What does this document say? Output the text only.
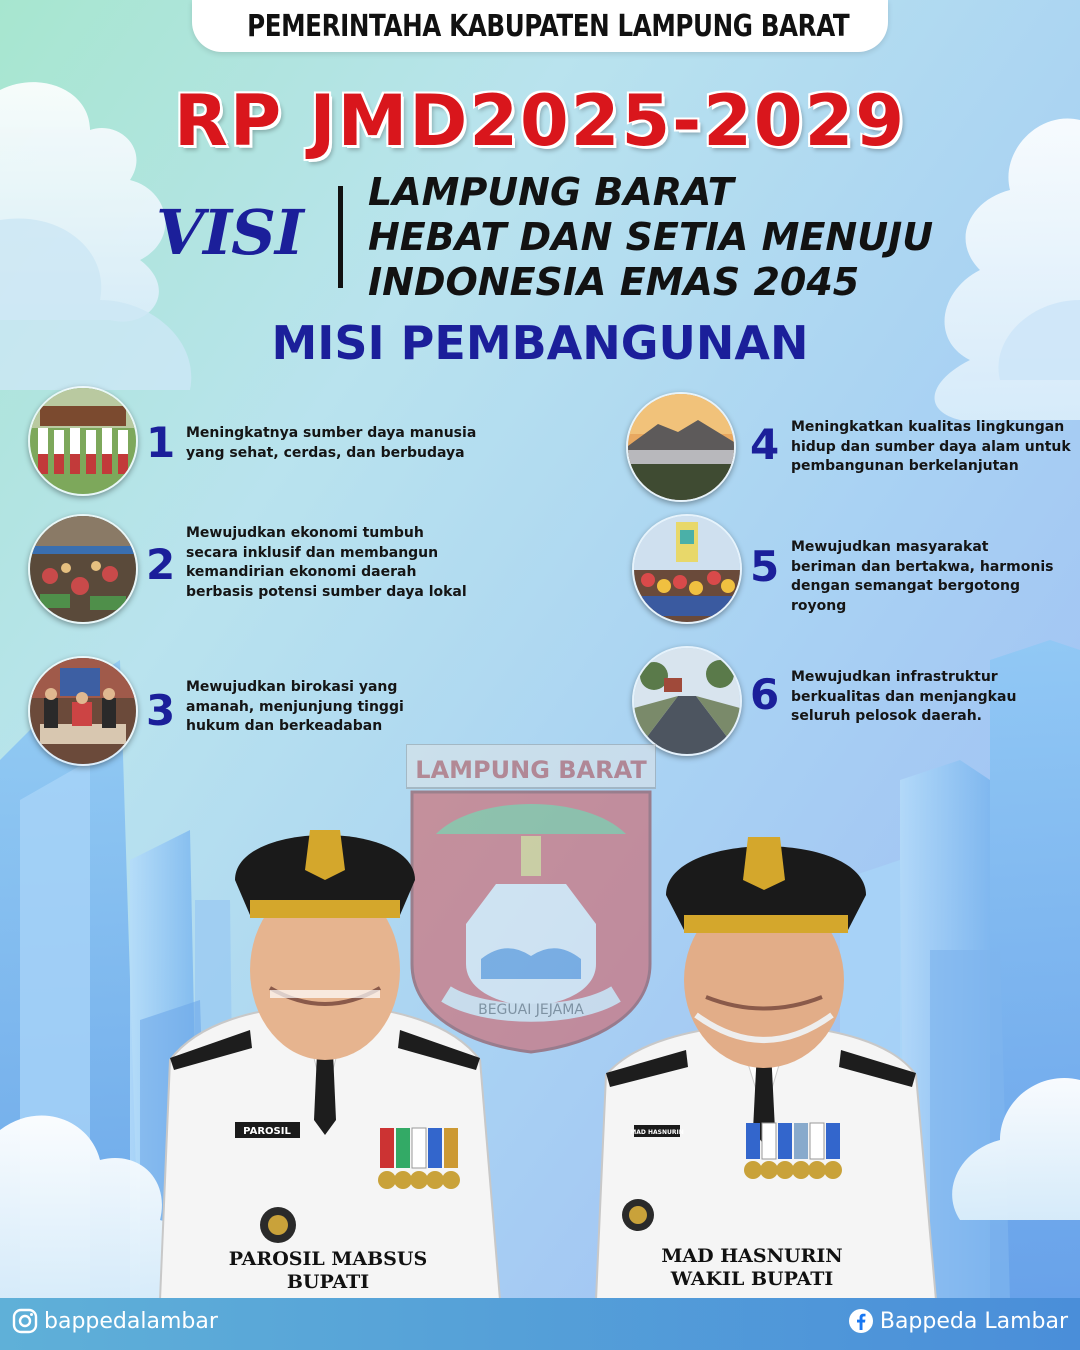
PEMERINTAHA KABUPATEN LAMPUNG BARAT
RP JMD2025-2029
VISI
LAMPUNG BARAT
HEBAT DAN SETIA MENUJU
INDONESIA EMAS 2045
MISI PEMBANGUNAN
1 Meningkatnya sumber daya manusia
yang sehat, cerdas, dan berbudaya
2
Mewujudkan ekonomi tumbuh
secara inklusif dan membangun
kemandirian ekonomi daerah
berbasis potensi sumber daya lokal
3 Mewujudkan birokasi yang
amanah, menjunjung tinggi
hukum dan berkeadaban
4 Meningkatkan kualitas lingkungan
hidup dan sumber daya alam untuk
pembangunan berkelanjutan
5 Mewujudkan masyarakat
beriman dan bertakwa, harmonis
dengan semangat bergotong royong
6 Mewujudkan infrastruktur
berkualitas dan menjangkau
seluruh pelosok daerah.
LAMPUNG BARAT
BEGUAI JEJAMA
PAROSIL
PAROSIL MABSUS
BUPATI
MAD HASNURIN
MAD HASNURIN
WAKIL BUPATI
bappedalambar	Bappeda Lambar
